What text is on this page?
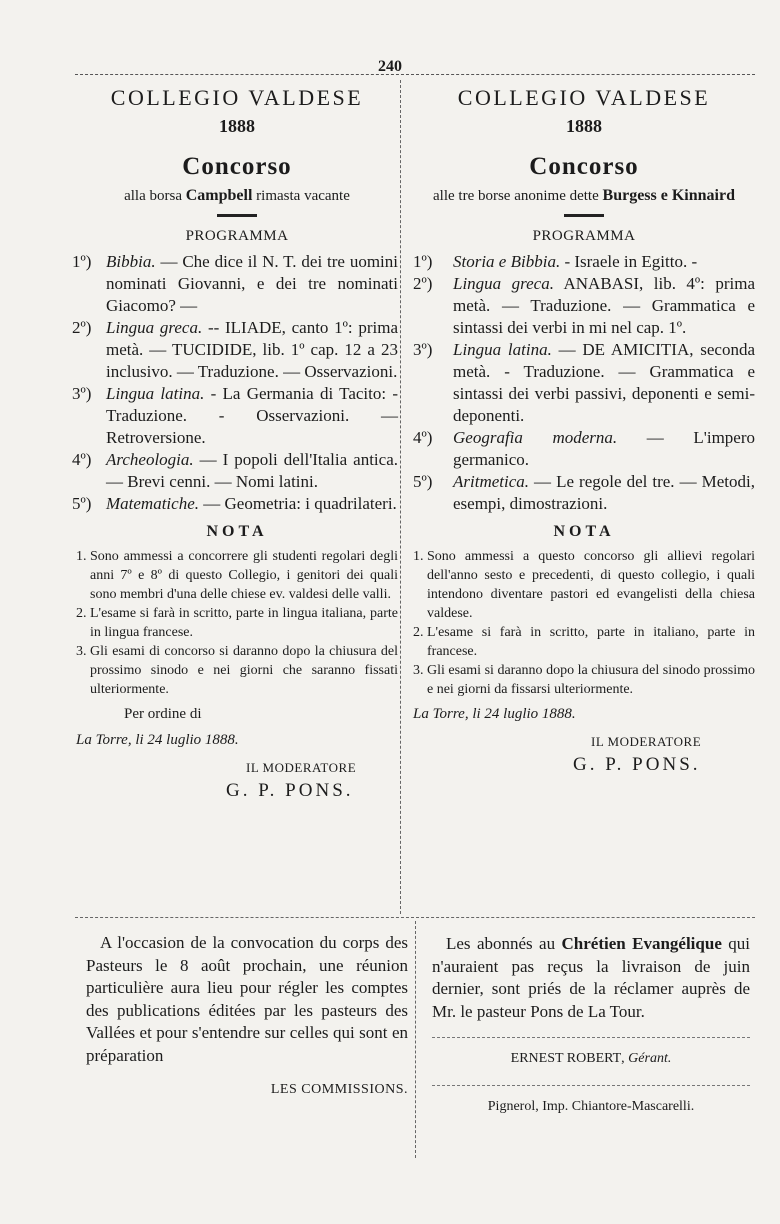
240
COLLEGIO VALDESE
1888
Concorso
alla borsa Campbell rimasta vacante
PROGRAMMA
1º) Bibbia. — Che dice il N. T. dei tre uomini nominati Giovanni, e dei tre nominati Giacomo? —
2º) Lingua greca. -- ILIADE, canto 1º: prima metà. — TUCIDIDE, lib. 1º cap. 12 a 23 inclusivo. — Traduzione. — Osservazioni.
3º) Lingua latina. - La Germania di Tacito: - Traduzione. - Osservazioni. — Retroversione.
4º) Archeologia. — I popoli dell'Italia antica. — Brevi cenni. — Nomi latini.
5º) Matematiche. — Geometria: i quadrilateri.
NOTA
1. Sono ammessi a concorrere gli studenti regolari degli anni 7º e 8º di questo Collegio, i genitori dei quali sono membri d'una delle chiese ev. valdesi delle valli.
2. L'esame si farà in scritto, parte in lingua italiana, parte in lingua francese.
3. Gli esami di concorso si daranno dopo la chiusura del prossimo sinodo e nei giorni che saranno fissati ulteriormente.
Per ordine di
La Torre, li 24 luglio 1888.
IL MODERATORE
G. P. PONS.
COLLEGIO VALDESE
1888
Concorso
alle tre borse anonime dette Burgess e Kinnaird
PROGRAMMA
1º) Storia e Bibbia. - Israele in Egitto. -
2º) Lingua greca. ANABASI, lib. 4º: prima metà. — Traduzione. — Grammatica e sintassi dei verbi in mi nel cap. 1º.
3º) Lingua latina. — DE AMICITIA, seconda metà. - Traduzione. — Grammatica e sintassi dei verbi passivi, deponenti e semi-deponenti.
4º) Geografia moderna. — L'impero germanico.
5º) Aritmetica. — Le regole del tre. — Metodi, esempi, dimostrazioni.
NOTA
1. Sono ammessi a questo concorso gli allievi regolari dell'anno sesto e precedenti, di questo collegio, i quali intendono diventare pastori ed evangelisti della chiesa valdese.
2. L'esame si farà in scritto, parte in italiano, parte in francese.
3. Gli esami si daranno dopo la chiusura del sinodo prossimo e nei giorni da fissarsi ulteriormente.
La Torre, li 24 luglio 1888.
IL MODERATORE
G. P. PONS.
A l'occasion de la convocation du corps des Pasteurs le 8 août prochain, une réunion particulière aura lieu pour régler les comptes des publications éditées par les pasteurs des Vallées et pour s'entendre sur celles qui sont en préparation
LES COMMISSIONS.
Les abonnés au Chrétien Evangélique qui n'auraient pas reçus la livraison de juin dernier, sont priés de la réclamer auprès de Mr. le pasteur Pons de La Tour.
ERNEST ROBERT, Gérant.
Pignerol, Imp. Chiantore-Mascarelli.
